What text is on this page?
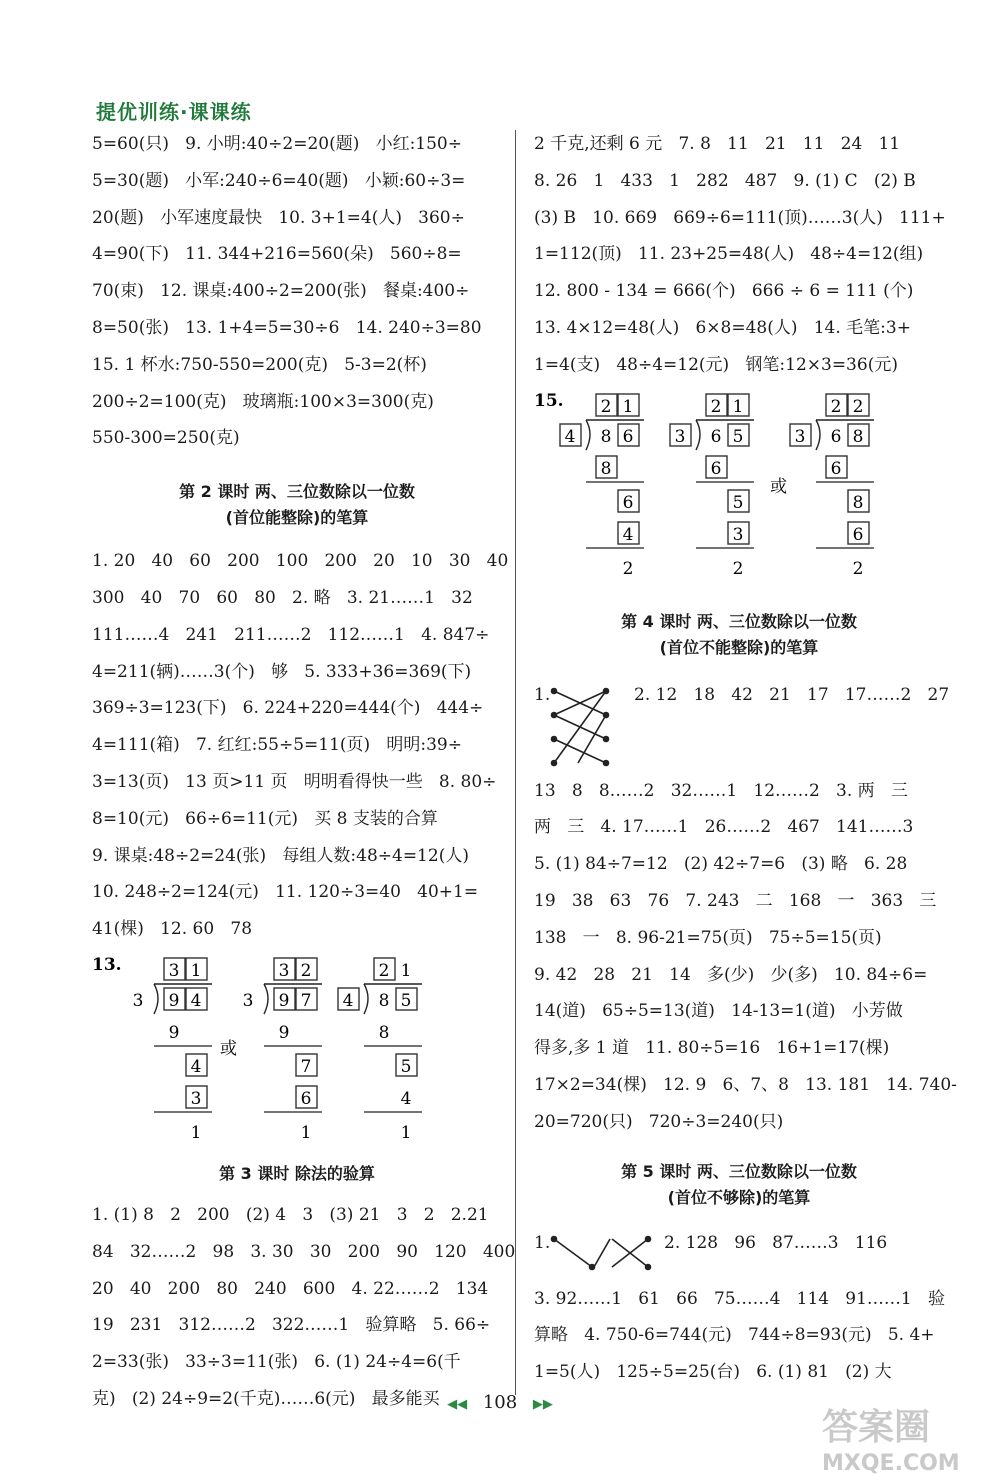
提优训练·课课练
5=60(只)   9. 小明:40÷2=20(题)   小红:150÷
5=30(题)   小军:240÷6=40(题)   小颖:60÷3=
20(题)   小军速度最快   10. 3+1=4(人)   360÷
4=90(下)   11. 344+216=560(朵)   560÷8=
70(束)   12. 课桌:400÷2=200(张)   餐桌:400÷
8=50(张)   13. 1+4=5=30÷6   14. 240÷3=80
15. 1 杯水:750-550=200(克)   5-3=2(杯)
200÷2=100(克)   玻璃瓶:100×3=300(克)
550-300=250(克)
第 2 课时 两、三位数除以一位数
(首位能整除)的笔算
1. 20   40   60   200   100   200   20   10   30   40
300   40   70   60   80   2. 略   3. 21……1   32
111……4   241   211……2   112……1   4. 847÷
4=211(辆)……3(个)   够   5. 333+36=369(下)
369÷3=123(下)   6. 224+220=444(个)   444÷
4=111(箱)   7. 红红:55÷5=11(页)   明明:39÷
3=13(页)   13 页>11 页   明明看得快一些   8. 80÷
8=10(元)   66÷6=11(元)   买 8 支装的合算
9. 课桌:48÷2=24(张)   每组人数:48÷4=12(人)
10. 248÷2=124(元)   11. 120÷3=40   40+1=
41(棵)   12. 60   78
13.
3
3 1
9 4
9
4
3
1
3
3 2
9 7
9
7
6
1
4
2 1
8 5
8
5
4
1
或
第 3 课时 除法的验算
1. (1) 8   2   200   (2) 4   3   (3) 21   3   2   2.21
84   32……2   98   3. 30   30   200   90   120   400
20   40   200   80   240   600   4. 22……2   134
19   231   312……2   322……1   验算略   5. 66÷
2=33(张)   33÷3=11(张)   6. (1) 24÷4=6(千
克)   (2) 24÷9=2(千克)……6(元)   最多能买
2 千克,还剩 6 元   7. 8   11   21   11   24   11
8. 26   1   433   1   282   487   9. (1) C   (2) B
(3) B   10. 669   669÷6=111(顶)……3(人)   111+
1=112(顶)   11. 23+25=48(人)   48÷4=12(组)
12. 800 - 134 = 666(个)   666 ÷ 6 = 111 (个)
13. 4×12=48(人)   6×8=48(人)   14. 毛笔:3+
1=4(支)   48÷4=12(元)   钢笔:12×3=36(元)
15.
4
2 1
8 6
8
6
4
2
3
2 1
6 5
6
5
3
2
3
2 2
6 8
6
8
6
2
或
第 4 课时 两、三位数除以一位数
(首位不能整除)的笔算
1.	2. 12   18   42   21   17   17……2   27
13   8   8……2   32……1   12……2   3. 两   三
两   三   4. 17……1   26……2   467   141……3
5. (1) 84÷7=12   (2) 42÷7=6   (3) 略   6. 28
19   38   63   76   7. 243   二   168   一   363   三
138   一   8. 96-21=75(页)   75÷5=15(页)
9. 42   28   21   14   多(少)   少(多)   10. 84÷6=
14(道)   65÷5=13(道)   14-13=1(道)   小芳做
得多,多 1 道   11. 80÷5=16   16+1=17(棵)
17×2=34(棵)   12. 9   6、7、8   13. 181   14. 740-
20=720(只)   720÷3=240(只)
第 5 课时 两、三位数除以一位数
(首位不够除)的笔算
1.	2. 128   96   87……3   116
3. 92……1   61   66   75……4   114   91……1   验
算略   4. 750-6=744(元)   744÷8=93(元)   5. 4+
1=5(人)   125÷5=25(台)   6. (1) 81   (2) 大
◀◀ 108 ▶▶
答案圈
MXQE.COM
